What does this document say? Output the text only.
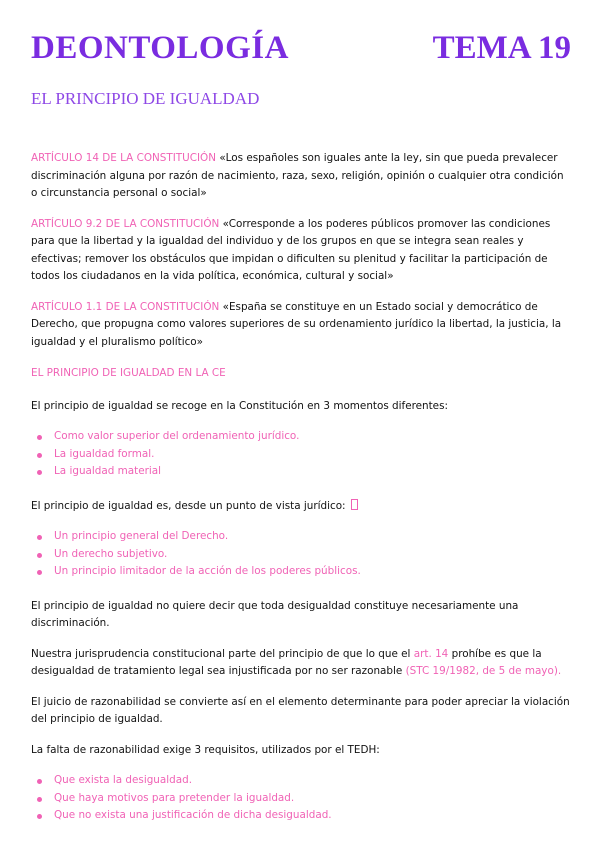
DEONTOLOGÍA	TEMA 19
EL PRINCIPIO DE IGUALDAD

ARTÍCULO 14 DE LA CONSTITUCIÓN «Los españoles son iguales ante la ley, sin que pueda prevalecer discriminación alguna por razón de nacimiento, raza, sexo, religión, opinión o cualquier otra condición o circunstancia personal o social»

ARTÍCULO 9.2 DE LA CONSTITUCIÓN «Corresponde a los poderes públicos promover las condiciones para que la libertad y la igualdad del individuo y de los grupos en que se integra sean reales y efectivas; remover los obstáculos que impidan o dificulten su plenitud y facilitar la participación de todos los ciudadanos en la vida política, económica, cultural y social»

ARTÍCULO 1.1 DE LA CONSTITUCIÓN «España se constituye en un Estado social y democrático de Derecho, que propugna como valores superiores de su ordenamiento jurídico la libertad, la justicia, la igualdad y el pluralismo político»

EL PRINCIPIO DE IGUALDAD EN LA CE

El principio de igualdad se recoge en la Constitución en 3 momentos diferentes:

Como valor superior del ordenamiento jurídico.
La igualdad formal.
La igualdad material

El principio de igualdad es, desde un punto de vista jurídico:

Un principio general del Derecho.
Un derecho subjetivo.
Un principio limitador de la acción de los poderes públicos.

El principio de igualdad no quiere decir que toda desigualdad constituye necesariamente una discriminación.

Nuestra jurisprudencia constitucional parte del principio de que lo que el art. 14 prohíbe es que la desigualdad de tratamiento legal sea injustificada por no ser razonable (STC 19/1982, de 5 de mayo).

El juicio de razonabilidad se convierte así en el elemento determinante para poder apreciar la violación del principio de igualdad.

La falta de razonabilidad exige 3 requisitos, utilizados por el TEDH:

Que exista la desigualdad.
Que haya motivos para pretender la igualdad.
Que no exista una justificación de dicha desigualdad.
